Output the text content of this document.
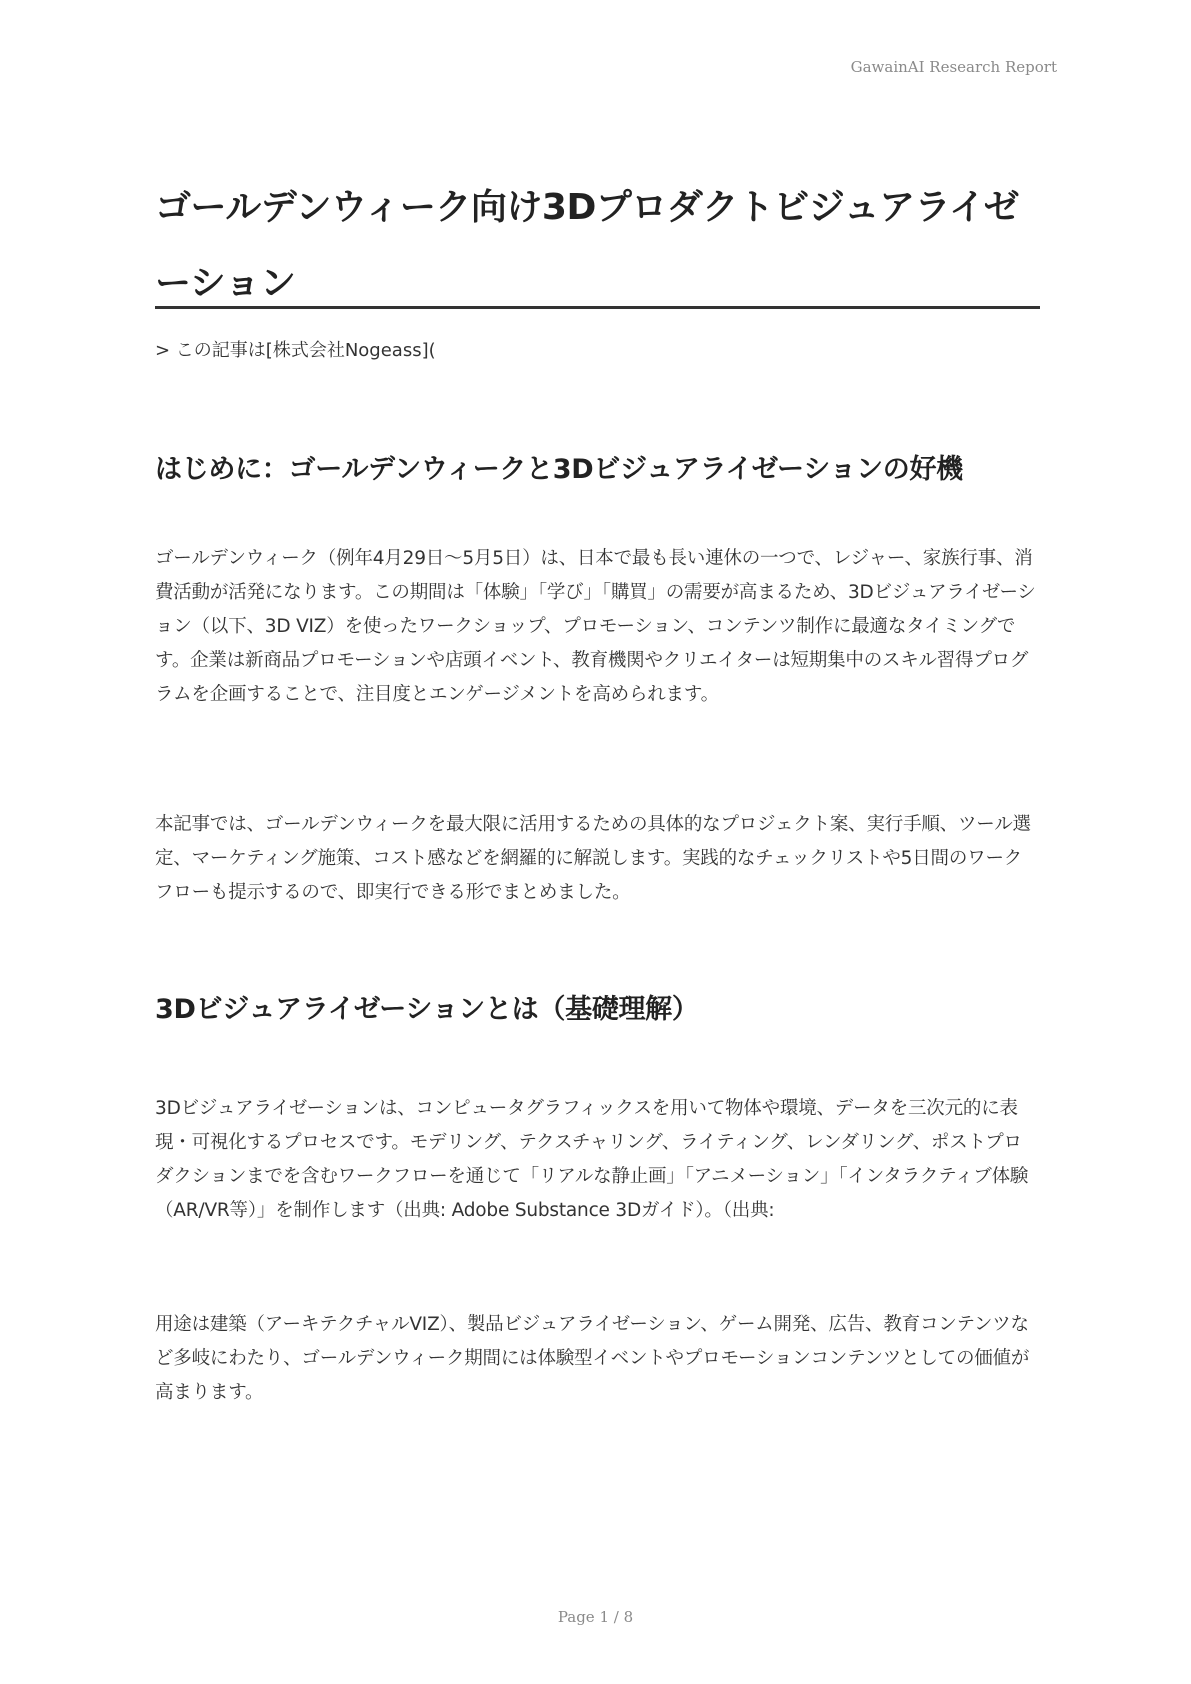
GawainAI Research Report
ゴールデンウィーク向け3Dプロダクトビジュアライゼーション
> この記事は[株式会社Nogeass](
はじめに：ゴールデンウィークと3Dビジュアライゼーションの好機

ゴールデンウィーク（例年4月29日〜5月5日）は、日本で最も長い連休の一つで、レジャー、家族行事、消費活動が活発になります。この期間は「体験」「学び」「購買」の需要が高まるため、3Dビジュアライゼーション（以下、3D VIZ）を使ったワークショップ、プロモーション、コンテンツ制作に最適なタイミングです。企業は新商品プロモーションや店頭イベント、教育機関やクリエイターは短期集中のスキル習得プログラムを企画することで、注目度とエンゲージメントを高められます。

本記事では、ゴールデンウィークを最大限に活用するための具体的なプロジェクト案、実行手順、ツール選定、マーケティング施策、コスト感などを網羅的に解説します。実践的なチェックリストや5日間のワークフローも提示するので、即実行できる形でまとめました。

3Dビジュアライゼーションとは（基礎理解）

3Dビジュアライゼーションは、コンピュータグラフィックスを用いて物体や環境、データを三次元的に表現・可視化するプロセスです。モデリング、テクスチャリング、ライティング、レンダリング、ポストプロダクションまでを含むワークフローを通じて「リアルな静止画」「アニメーション」「インタラクティブ体験（AR/VR等）」を制作します（出典: Adobe Substance 3Dガイド）。（出典:

用途は建築（アーキテクチャルVIZ）、製品ビジュアライゼーション、ゲーム開発、広告、教育コンテンツなど多岐にわたり、ゴールデンウィーク期間には体験型イベントやプロモーションコンテンツとしての価値が高まります。

Page 1 / 8
